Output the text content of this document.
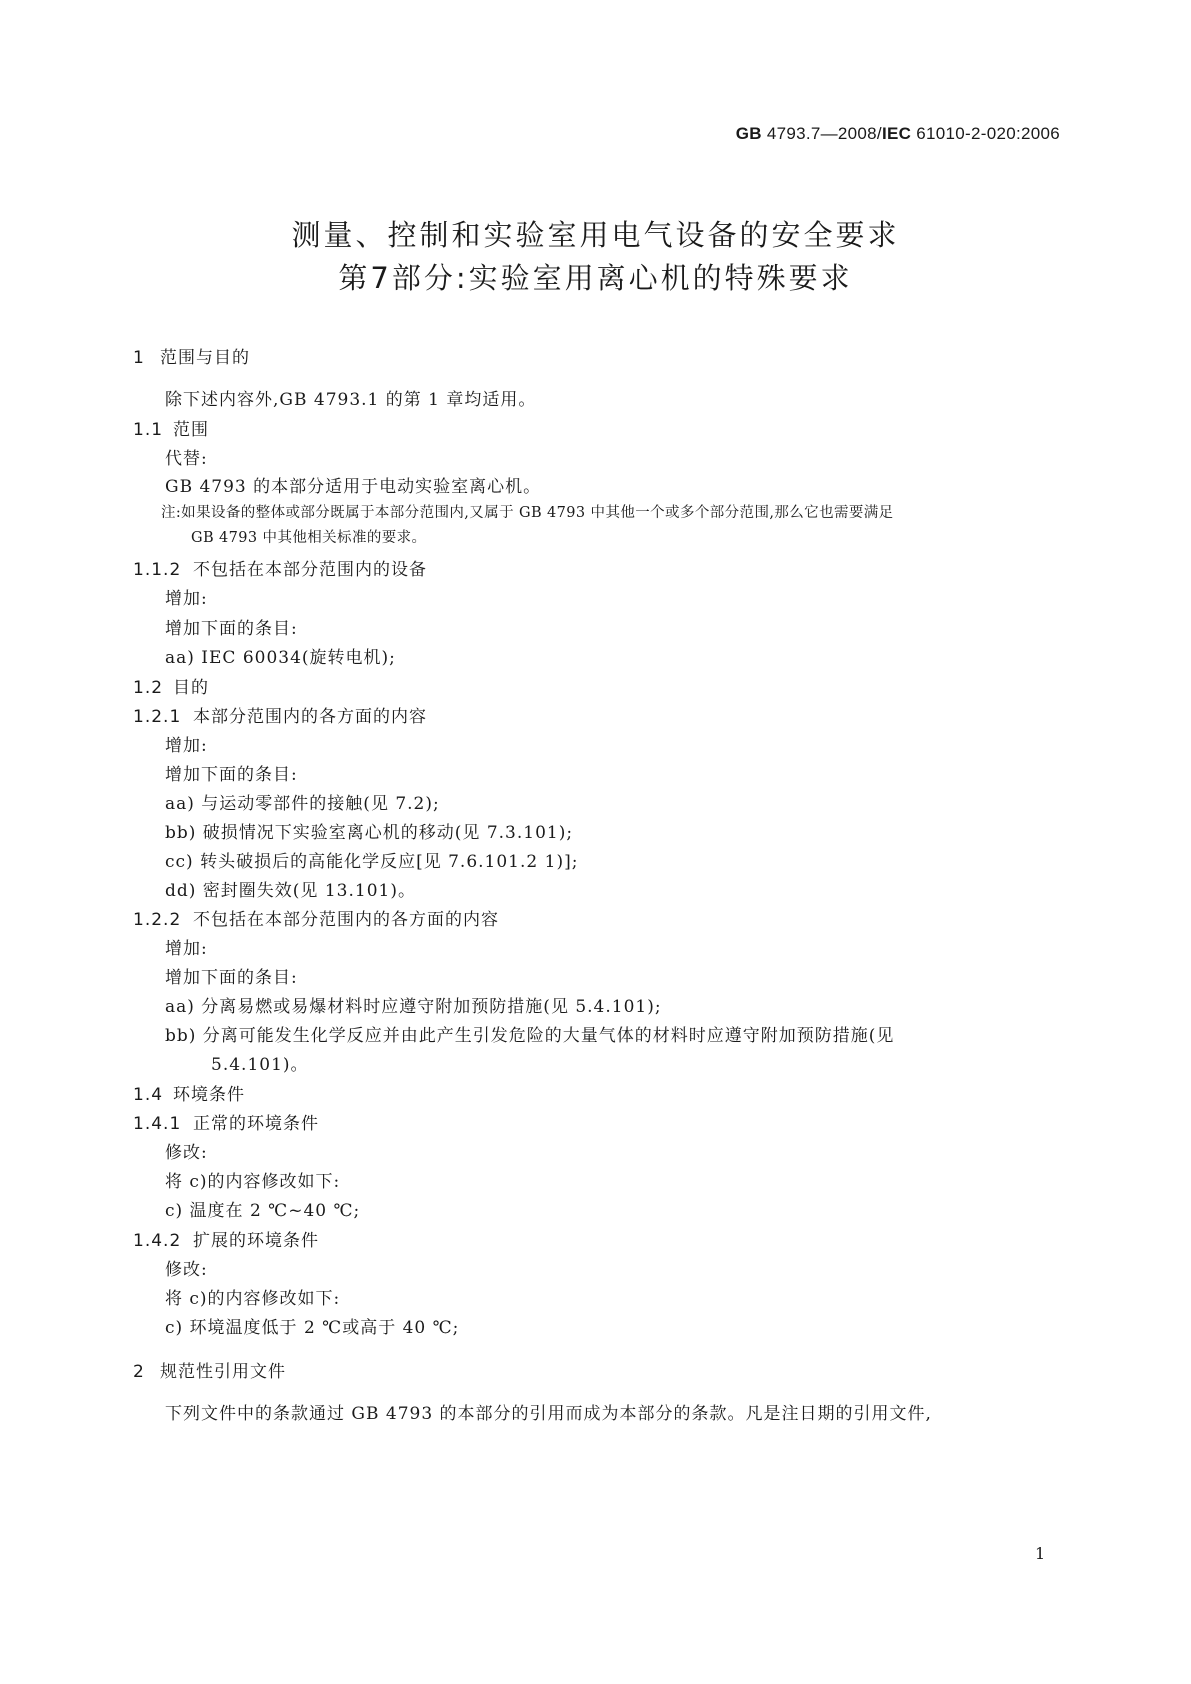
GB 4793.7—2008/IEC 61010-2-020:2006
测量、控制和实验室用电气设备的安全要求
第7部分:实验室用离心机的特殊要求
1 范围与目的
除下述内容外,GB 4793.1 的第 1 章均适用。
1.1 范围
代替:
GB 4793 的本部分适用于电动实验室离心机。
注:如果设备的整体或部分既属于本部分范围内,又属于 GB 4793 中其他一个或多个部分范围,那么它也需要满足
GB 4793 中其他相关标准的要求。
1.1.2 不包括在本部分范围内的设备
增加:
增加下面的条目:
aa) IEC 60034(旋转电机);
1.2 目的
1.2.1 本部分范围内的各方面的内容
增加:
增加下面的条目:
aa) 与运动零部件的接触(见 7.2);
bb) 破损情况下实验室离心机的移动(见 7.3.101);
cc) 转头破损后的高能化学反应[见 7.6.101.2 1)];
dd) 密封圈失效(见 13.101)。
1.2.2 不包括在本部分范围内的各方面的内容
增加:
增加下面的条目:
aa) 分离易燃或易爆材料时应遵守附加预防措施(见 5.4.101);
bb) 分离可能发生化学反应并由此产生引发危险的大量气体的材料时应遵守附加预防措施(见
5.4.101)。
1.4 环境条件
1.4.1 正常的环境条件
修改:
将 c)的内容修改如下:
c) 温度在 2 ℃~40 ℃;
1.4.2 扩展的环境条件
修改:
将 c)的内容修改如下:
c) 环境温度低于 2 ℃或高于 40 ℃;
2 规范性引用文件
下列文件中的条款通过 GB 4793 的本部分的引用而成为本部分的条款。凡是注日期的引用文件,
1
